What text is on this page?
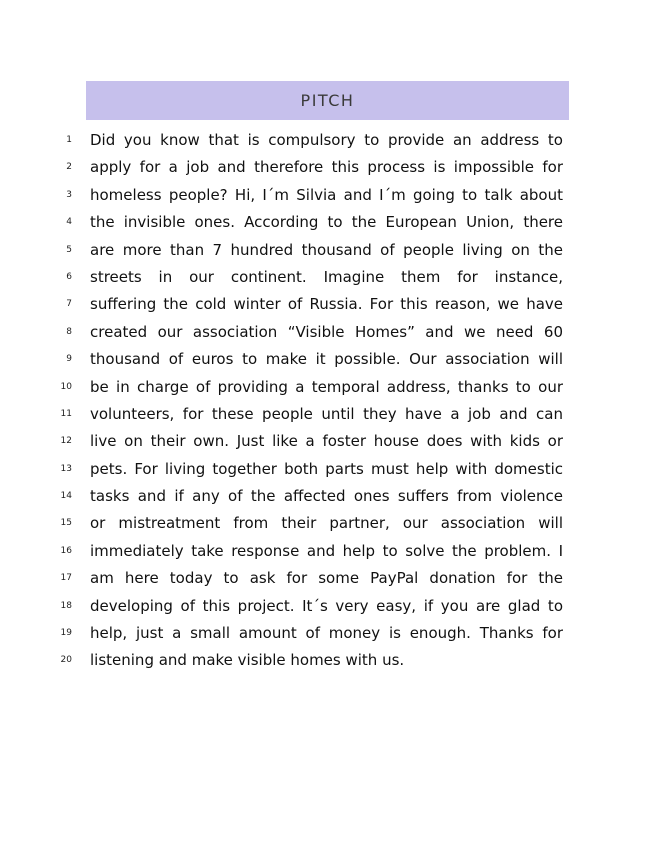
PITCH
1 Did you know that is compulsory to provide an address to
2 apply for a job and therefore this process is impossible for
3 homeless people? Hi, I´m Silvia and I´m going to talk about
4 the invisible ones. According to the European Union, there
5 are more than 7 hundred thousand of people living on the
6 streets in our continent. Imagine them for instance,
7 suffering the cold winter of Russia. For this reason, we have
8 created our association “Visible Homes” and we need 60
9 thousand of euros to make it possible. Our association will
10 be in charge of providing a temporal address, thanks to our
11 volunteers, for these people until they have a job and can
12 live on their own. Just like a foster house does with kids or
13 pets. For living together both parts must help with domestic
14 tasks and if any of the affected ones suffers from violence
15 or mistreatment from their partner, our association will
16 immediately take response and help to solve the problem. I
17 am here today to ask for some PayPal donation for the
18 developing of this project. It´s very easy, if you are glad to
19 help, just a small amount of money is enough. Thanks for
20 listening and make visible homes with us.
